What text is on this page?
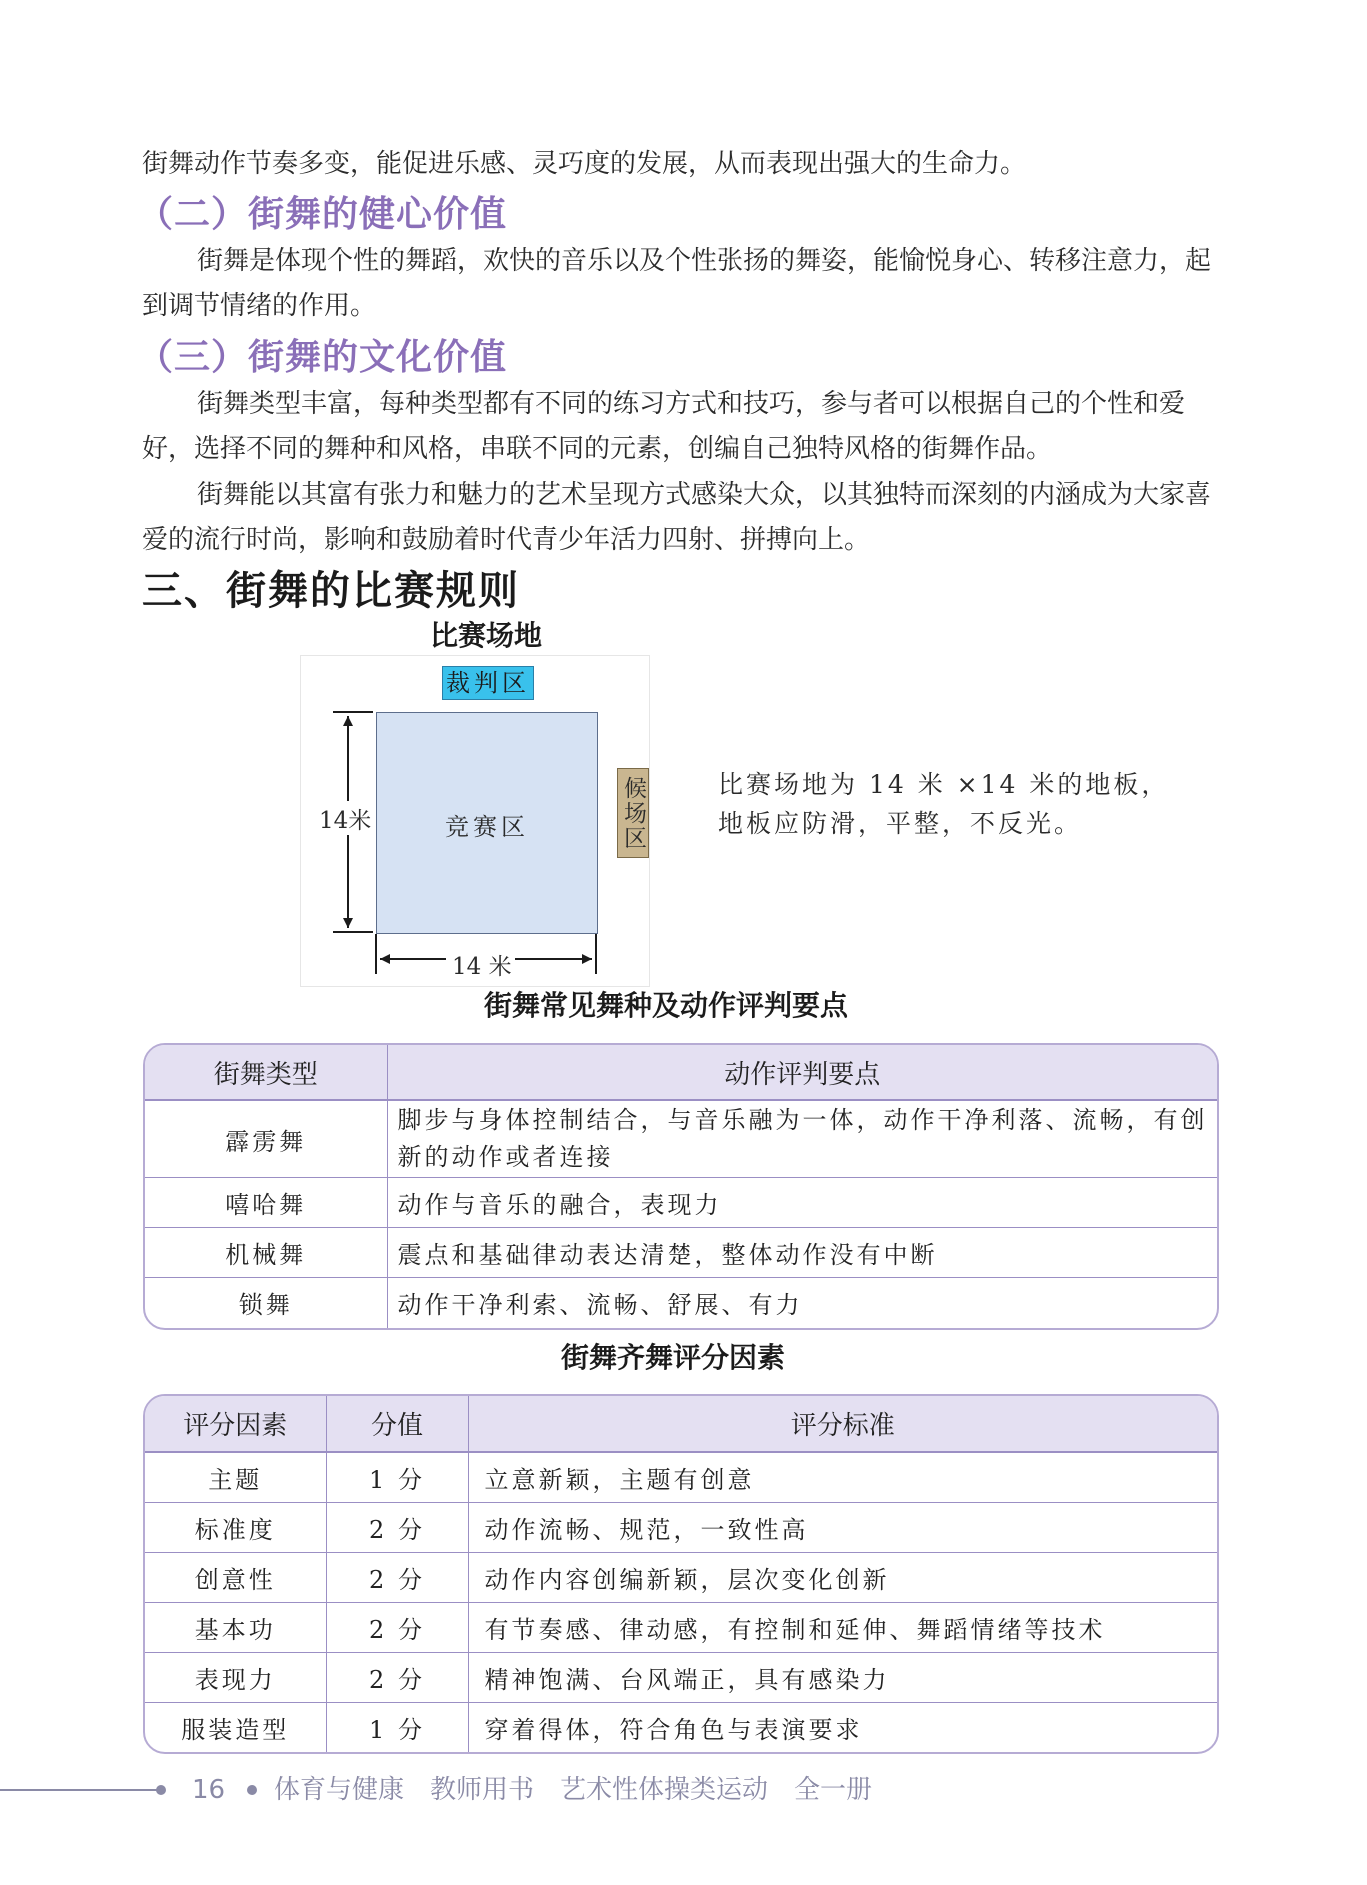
街舞动作节奏多变，能促进乐感、灵巧度的发展，从而表现出强大的生命力。

（二）街舞的健心价值

街舞是体现个性的舞蹈，欢快的音乐以及个性张扬的舞姿，能愉悦身心、转移注意力，起到调节情绪的作用。

（三）街舞的文化价值

街舞类型丰富，每种类型都有不同的练习方式和技巧，参与者可以根据自己的个性和爱好，选择不同的舞种和风格，串联不同的元素，创编自己独特风格的街舞作品。

街舞能以其富有张力和魅力的艺术呈现方式感染大众，以其独特而深刻的内涵成为大家喜爱的流行时尚，影响和鼓励着时代青少年活力四射、拼搏向上。

三、街舞的比赛规则
比赛场地
裁判区
竞赛区	候场区
14米
14 米
比赛场地为 14 米 ×14 米的地板，
地板应防滑，平整，不反光。
街舞常见舞种及动作评判要点
街舞类型	动作评判要点
霹雳舞	脚步与身体控制结合，与音乐融为一体，动作干净利落、流畅，有创新的动作或者连接
嘻哈舞	动作与音乐的融合，表现力
机械舞	震点和基础律动表达清楚，整体动作没有中断
锁舞	动作干净利索、流畅、舒展、有力
街舞齐舞评分因素
评分因素	分值	评分标准
主题	1 分	立意新颖，主题有创意
标准度	2 分	动作流畅、规范，一致性高
创意性	2 分	动作内容创编新颖，层次变化创新
基本功	2 分	有节奏感、律动感，有控制和延伸、舞蹈情绪等技术
表现力	2 分	精神饱满、台风端正，具有感染力
服装造型	1 分	穿着得体，符合角色与表演要求
16 体育与健康　教师用书　艺术性体操类运动　全一册
